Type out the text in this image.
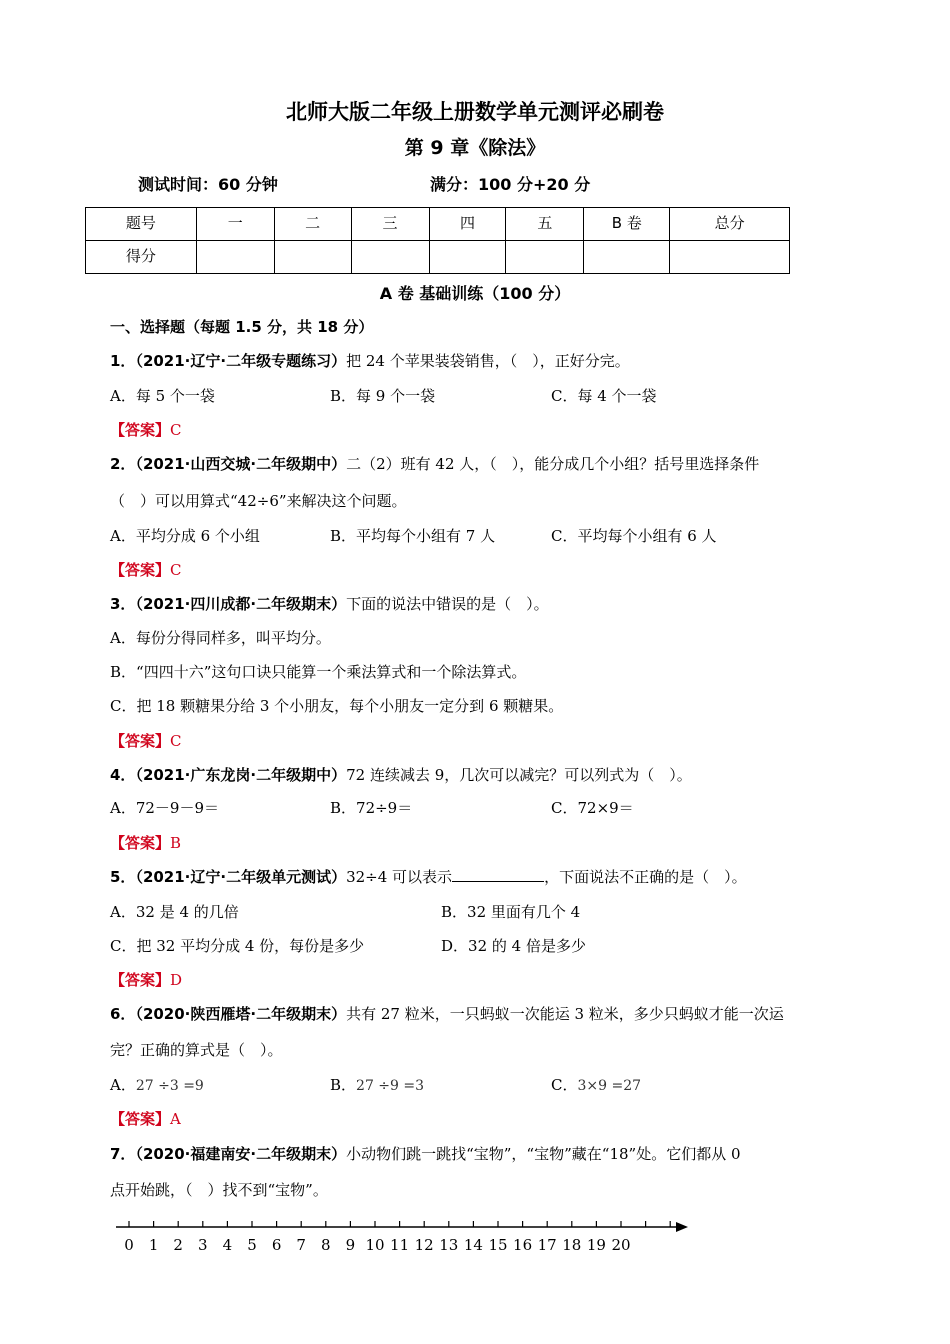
北师大版二年级上册数学单元测评必刷卷
第 9 章《除法》
测试时间：60 分钟	满分：100 分+20 分
题号	一	二	三	四	五	B 卷	总分
得分							
A 卷 基础训练（100 分）
一、选择题（每题 1.5 分，共 18 分）
1．（2021·辽宁·二年级专题练习）把 24 个苹果装袋销售，（　），正好分完。
A．每 5 个一袋	B．每 9 个一袋	C．每 4 个一袋
【答案】C
2．（2021·山西交城·二年级期中）二（2）班有 42 人，（　），能分成几个小组？括号里选择条件
（　）可以用算式“42÷6”来解决这个问题。
A．平均分成 6 个小组	B．平均每个小组有 7 人	C．平均每个小组有 6 人
【答案】C
3．（2021·四川成都·二年级期末）下面的说法中错误的是（　）。
A．每份分得同样多，叫平均分。
B．“四四十六”这句口诀只能算一个乘法算式和一个除法算式。
C．把 18 颗糖果分给 3 个小朋友，每个小朋友一定分到 6 颗糖果。
【答案】C
4．（2021·广东龙岗·二年级期中）72 连续减去 9，几次可以减完？可以列式为（　）。
A．72－9－9＝	B．72÷9＝	C．72×9＝
【答案】B
5．（2021·辽宁·二年级单元测试）32÷4 可以表示	，下面说法不正确的是（　）。
A．32 是 4 的几倍	B．32 里面有几个 4
C．把 32 平均分成 4 份，每份是多少	D．32 的 4 倍是多少
【答案】D
6．（2020·陕西雁塔·二年级期末）共有 27 粒米，一只蚂蚁一次能运 3 粒米，多少只蚂蚁才能一次运
完？正确的算式是（　）。
A．27 ÷3 =9	B．27 ÷9 =3	C．3×9 =27
【答案】A
7．（2020·福建南安·二年级期末）小动物们跳一跳找“宝物”，“宝物”藏在“18”处。它们都从 0
点开始跳，（　）找不到“宝物”。
0 1 2 3 4 5 6 7 8 9 10 11 12 13 14 15 16 17 18 19 20
